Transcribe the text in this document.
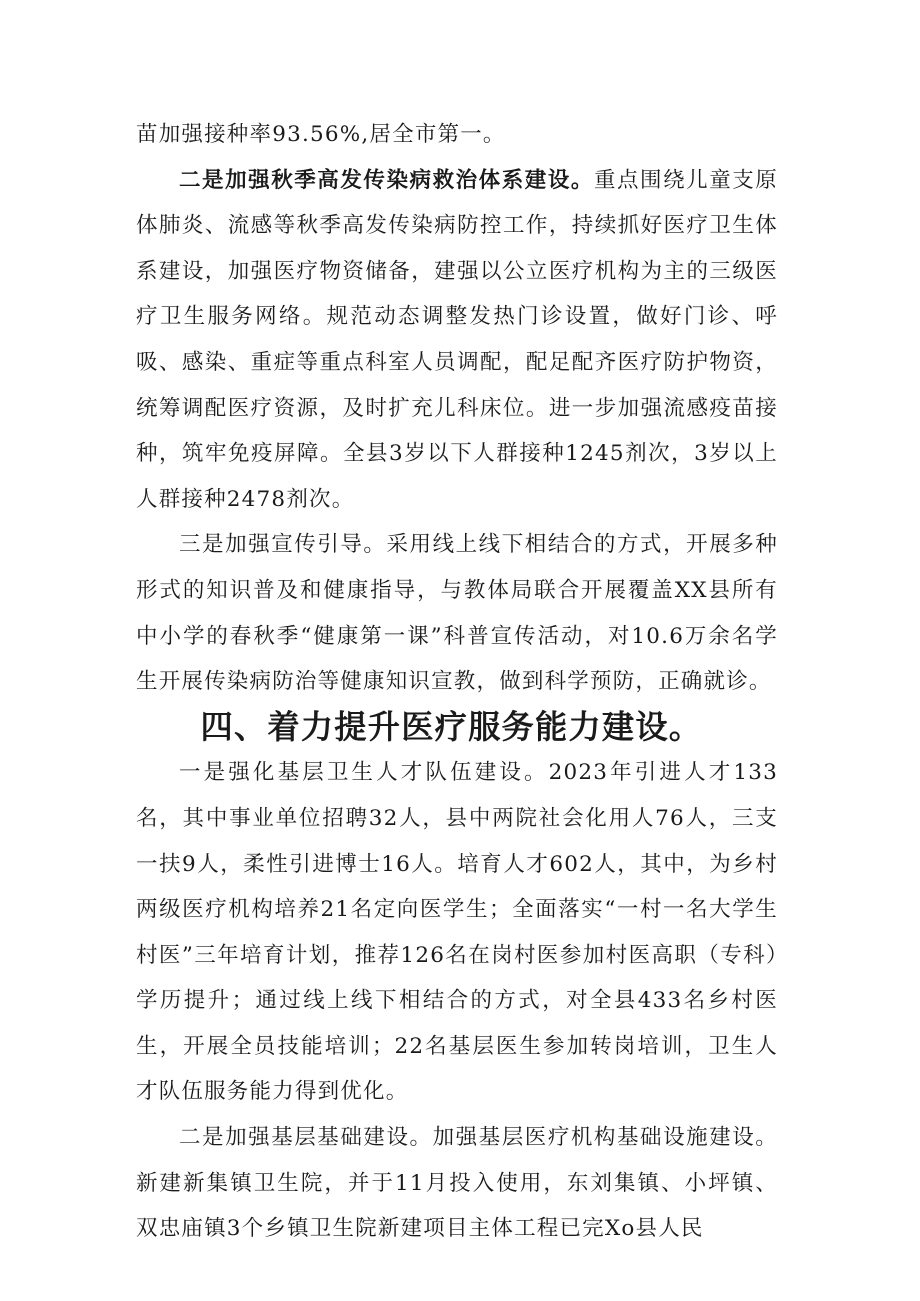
苗加强接种率93.56%,居全市第一。

二是加强秋季高发传染病救治体系建设。重点围绕儿童支原体肺炎、流感等秋季高发传染病防控工作，持续抓好医疗卫生体系建设，加强医疗物资储备，建强以公立医疗机构为主的三级医疗卫生服务网络。规范动态调整发热门诊设置，做好门诊、呼吸、感染、重症等重点科室人员调配，配足配齐医疗防护物资，统筹调配医疗资源，及时扩充儿科床位。进一步加强流感疫苗接种，筑牢免疫屏障。全县3岁以下人群接种1245剂次，3岁以上人群接种2478剂次。

三是加强宣传引导。采用线上线下相结合的方式，开展多种形式的知识普及和健康指导，与教体局联合开展覆盖XX县所有中小学的春秋季“健康第一课”科普宣传活动，对10.6万余名学生开展传染病防治等健康知识宣教，做到科学预防，正确就诊。

四、着力提升医疗服务能力建设。

一是强化基层卫生人才队伍建设。2023年引进人才133名，其中事业单位招聘32人，县中两院社会化用人76人，三支一扶9人，柔性引进博士16人。培育人才602人，其中，为乡村两级医疗机构培养21名定向医学生；全面落实“一村一名大学生村医”三年培育计划，推荐126名在岗村医参加村医高职（专科）学历提升；通过线上线下相结合的方式，对全县433名乡村医生，开展全员技能培训；22名基层医生参加转岗培训，卫生人才队伍服务能力得到优化。

二是加强基层基础建设。加强基层医疗机构基础设施建设。新建新集镇卫生院，并于11月投入使用，东刘集镇、小坪镇、双忠庙镇3个乡镇卫生院新建项目主体工程已完Xo县人民
